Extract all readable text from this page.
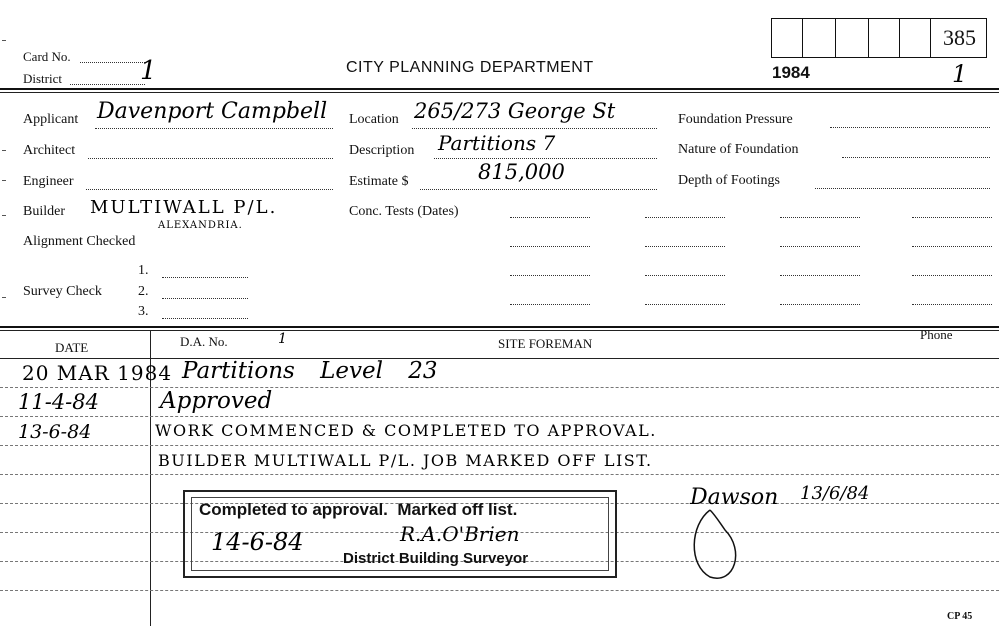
Card No.
District	1	CITY PLANNING DEPARTMENT
385
1984	1
Applicant Davenport Campbell
Architect
Engineer
Builder MULTIWALL P/L.
ALEXANDRIA.
Alignment Checked
1.
Survey Check	2.
3.
Location 265/273 George St
Description Partitions 7
Estimate $	815,000
Conc. Tests (Dates)
Foundation Pressure
Nature of Foundation
Depth of Footings
DATE	D.A. No.	1	SITE FOREMAN
Phone
20 MAR 1984 Partitions Level 23
11-4-84	Approved
13-6-84	WORK COMMENCED & COMPLETED TO APPROVAL.
BUILDER MULTIWALL P/L. JOB MARKED OFF LIST.
Completed to approval.  Marked off list.
14-6-84	R.A.O'Brien
District Building Surveyor
Dawson 13/6/84
CP 45
